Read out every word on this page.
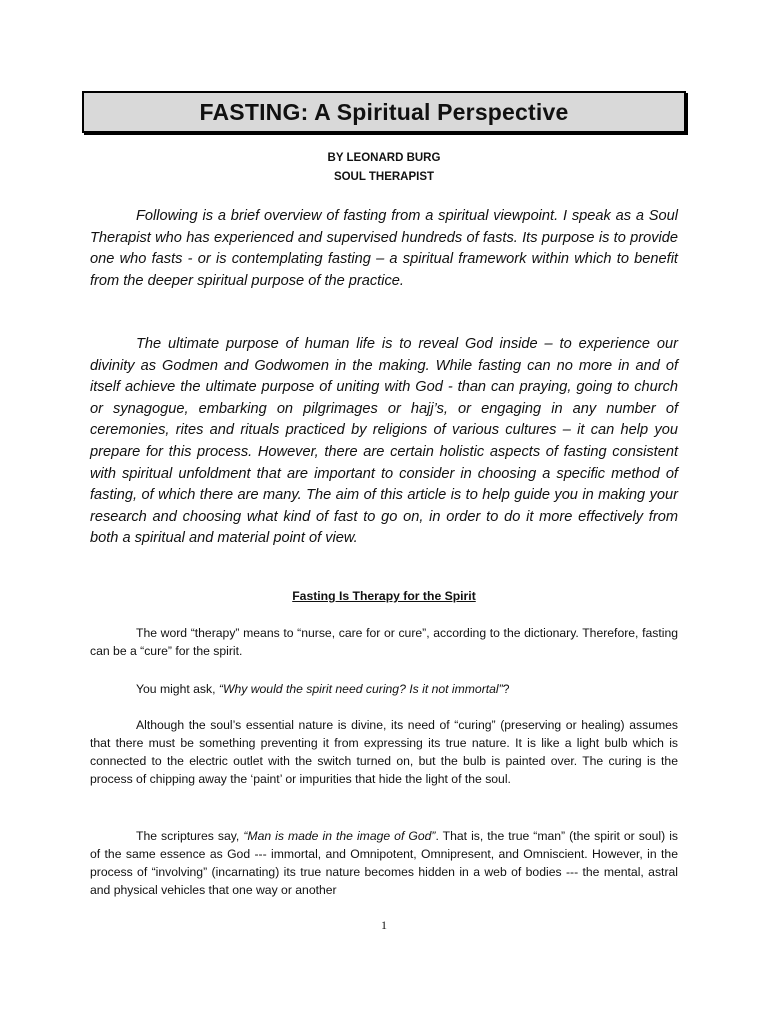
FASTING: A Spiritual Perspective
BY LEONARD BURG
SOUL THERAPIST

Following is a brief overview of fasting from a spiritual viewpoint. I speak as a Soul Therapist who has experienced and supervised hundreds of fasts. Its purpose is to provide one who fasts - or is contemplating fasting – a spiritual framework within which to benefit from the deeper spiritual purpose of the practice.

The ultimate purpose of human life is to reveal God inside – to experience our divinity as Godmen and Godwomen in the making. While fasting can no more in and of itself achieve the ultimate purpose of uniting with God - than can praying, going to church or synagogue, embarking on pilgrimages or hajj’s, or engaging in any number of ceremonies, rites and rituals practiced by religions of various cultures – it can help you prepare for this process. However, there are certain holistic aspects of fasting consistent with spiritual unfoldment that are important to consider in choosing a specific method of fasting, of which there are many. The aim of this article is to help guide you in making your research and choosing what kind of fast to go on, in order to do it more effectively from both a spiritual and material point of view.

Fasting Is Therapy for the Spirit

The word “therapy” means to “nurse, care for or cure”, according to the dictionary. Therefore, fasting can be a “cure” for the spirit.

You might ask, “Why would the spirit need curing? Is it not immortal”?

Although the soul’s essential nature is divine, its need of “curing” (preserving or healing) assumes that there must be something preventing it from expressing its true nature. It is like a light bulb which is connected to the electric outlet with the switch turned on, but the bulb is painted over. The curing is the process of chipping away the ‘paint’ or impurities that hide the light of the soul.

The scriptures say, “Man is made in the image of God”. That is, the true “man” (the spirit or soul) is of the same essence as God --- immortal, and Omnipotent, Omnipresent, and Omniscient. However, in the process of “involving” (incarnating) its true nature becomes hidden in a web of bodies --- the mental, astral and physical vehicles that one way or another

1
